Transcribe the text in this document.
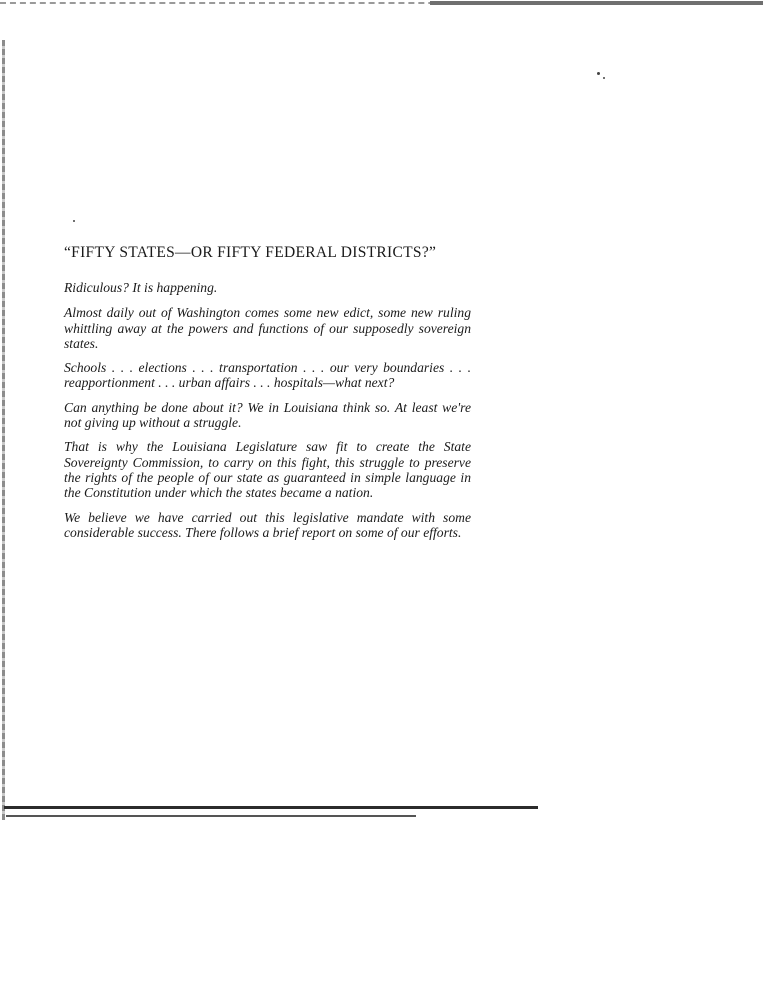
“FIFTY STATES—OR FIFTY FEDERAL DISTRICTS?”

Ridiculous? It is happening.

Almost daily out of Washington comes some new edict, some new ruling whittling away at the powers and functions of our supposedly sovereign states.

Schools . . . elections . . . transportation . . . our very boundaries . . . reapportionment . . . urban affairs . . . hospitals—what next?

Can anything be done about it? We in Louisiana think so. At least we're not giving up without a struggle.

That is why the Louisiana Legislature saw fit to create the State Sovereignty Commission, to carry on this fight, this struggle to preserve the rights of the people of our state as guaranteed in simple language in the Constitution under which the states became a nation.

We believe we have carried out this legislative mandate with some considerable success. There follows a brief report on some of our efforts.
